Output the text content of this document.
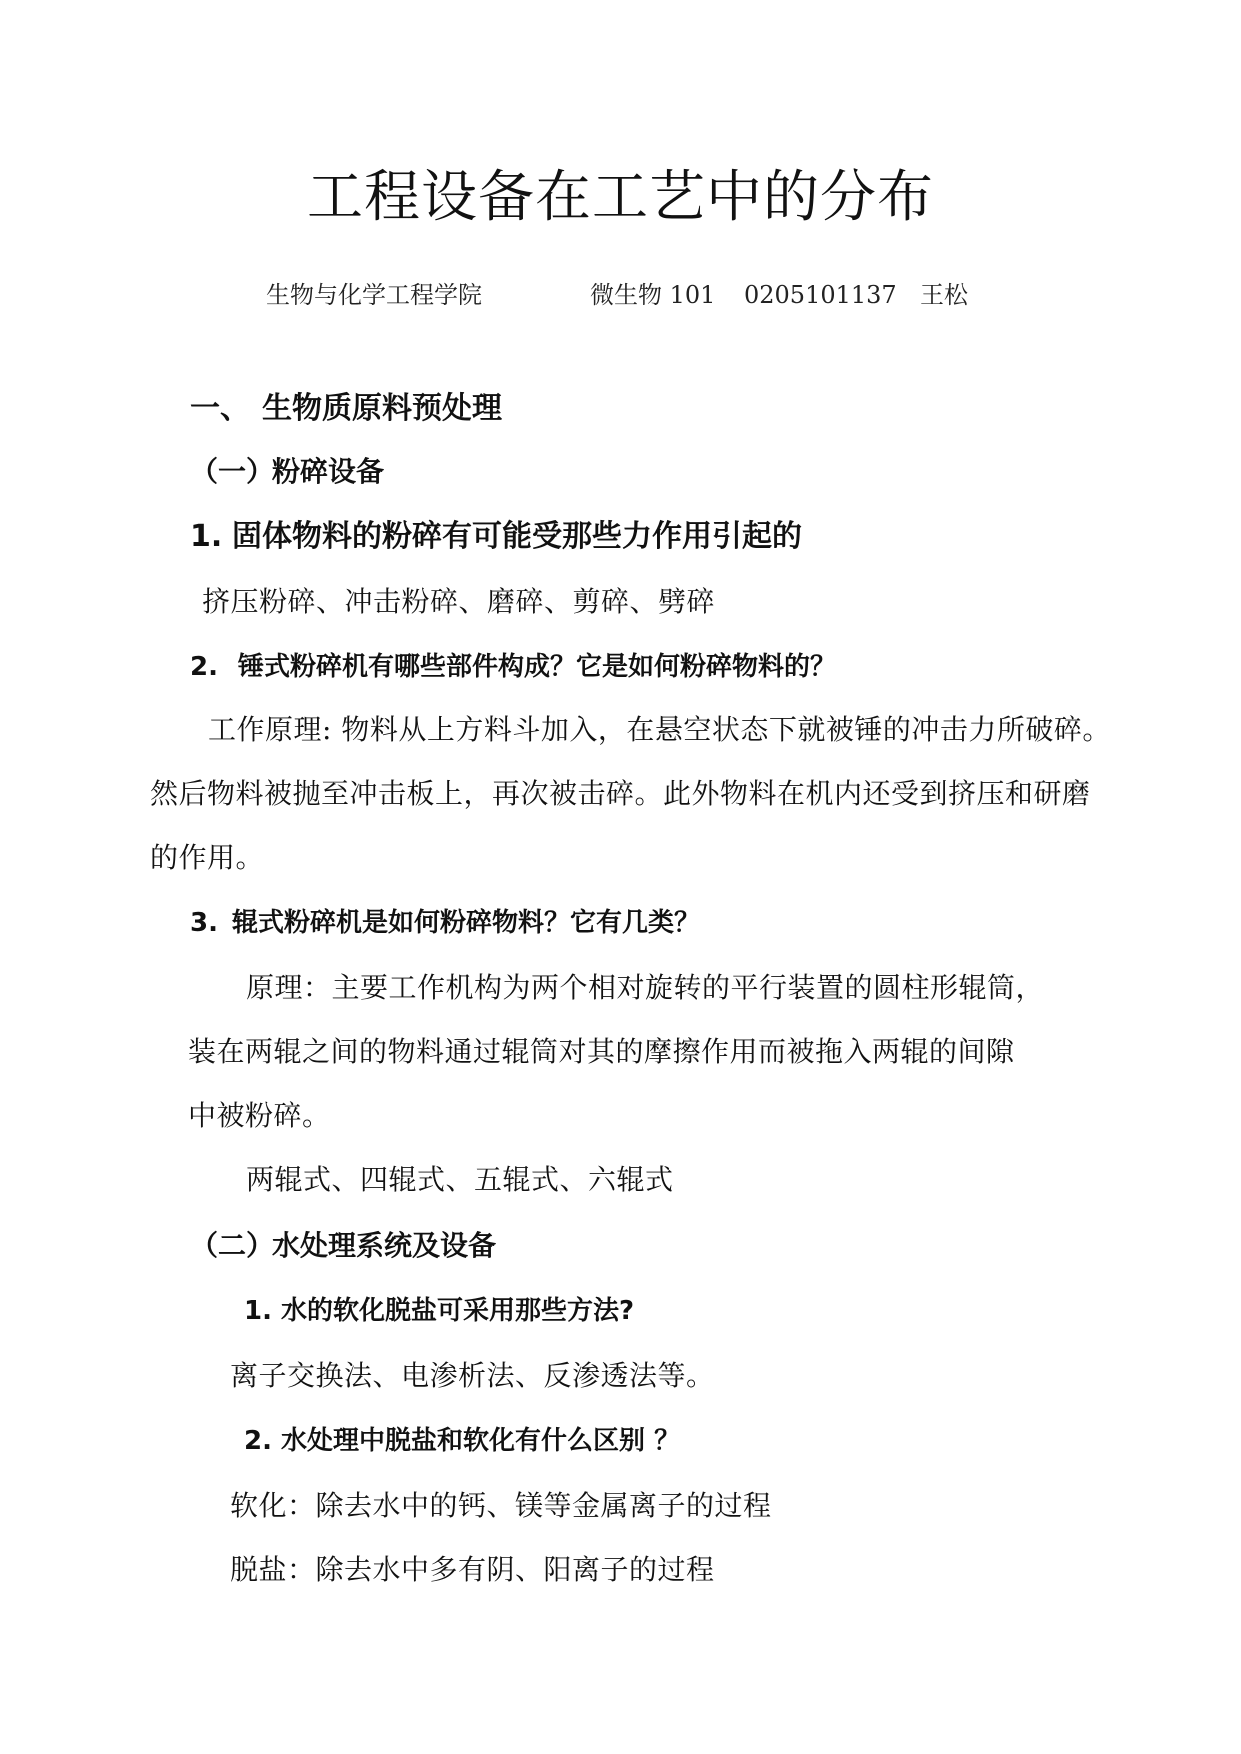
工程设备在工艺中的分布
生物与化学工程学院	微生物 101 0205101137 王松
一、 生物质原料预处理
（一）
粉碎设备
1. 固体物料的粉碎有可能受那些力作用引起的
挤压粉碎、冲击粉碎、磨碎、剪碎、劈碎
2. 锤式粉碎机有哪些部件构成？它是如何粉碎物料的？
工作原理: 物料从上方料斗加入，在悬空状态下就被锤的冲击力所破碎。
然后物料被抛至冲击板上，再次被击碎。此外物料在机内还受到挤压和研磨
的作用。
3. 辊式粉碎机是如何粉碎物料？它有几类？
原理：主要工作机构为两个相对旋转的平行装置的圆柱形辊筒，
装在两辊之间的物料通过辊筒对其的摩擦作用而被拖入两辊的间隙
中被粉碎。
两辊式、四辊式、五辊式、六辊式
（二）
水处理系统及设备
1. 水的软化脱盐可采用那些方法?
离子交换法、电渗析法、反渗透法等。
2. 水处理中脱盐和软化有什么区别 ？
软化：除去水中的钙、镁等金属离子的过程
脱盐：除去水中多有阴、阳离子的过程
